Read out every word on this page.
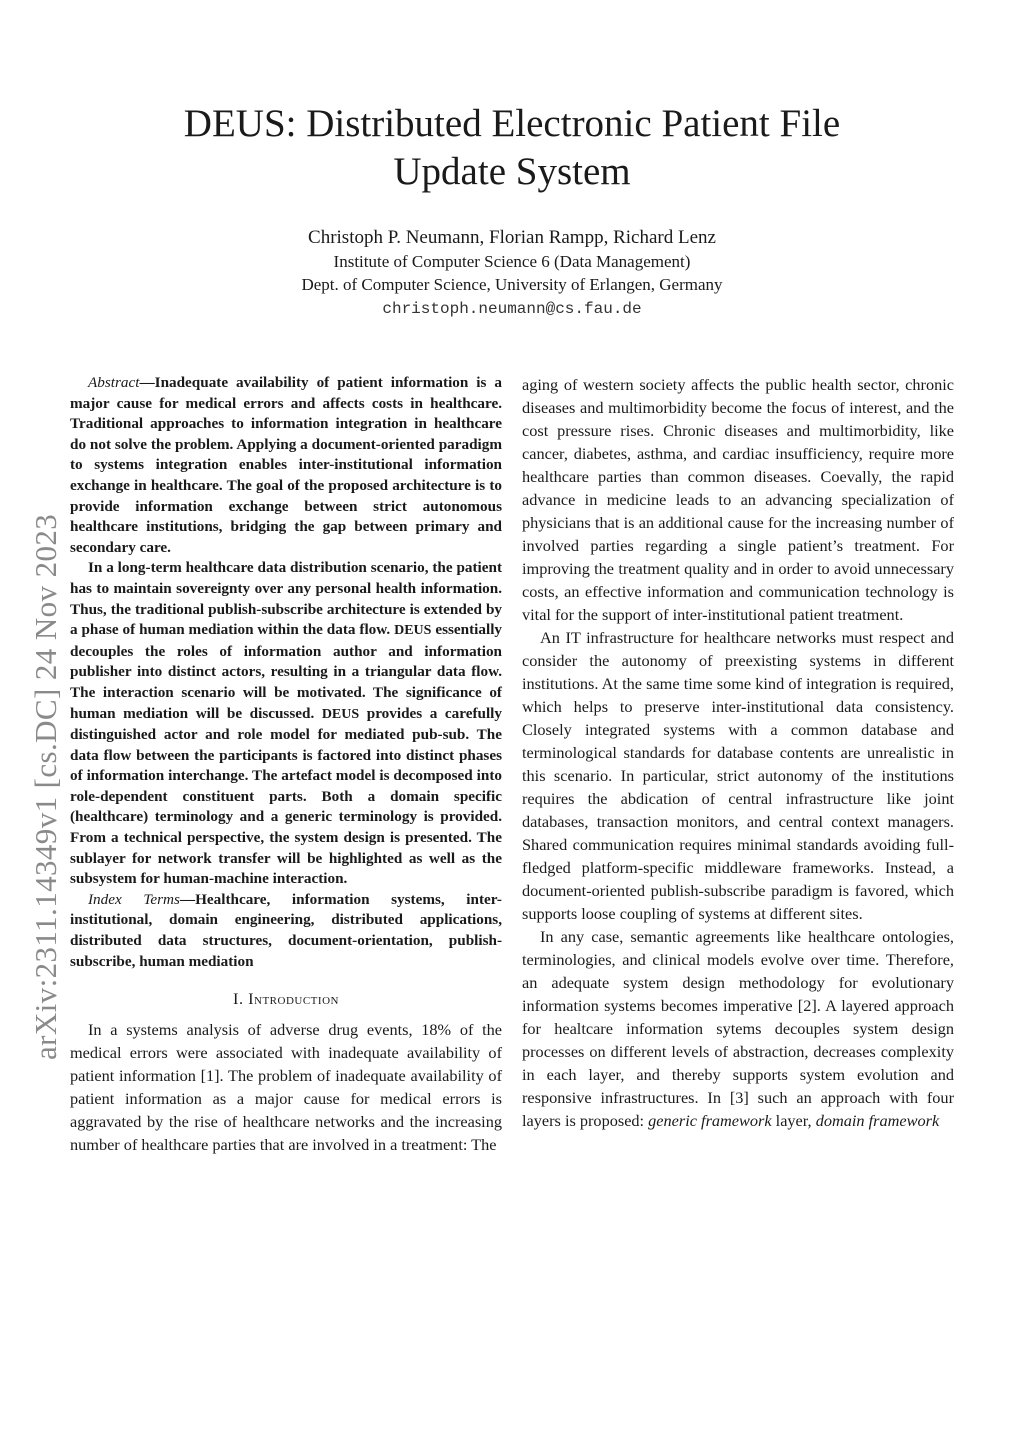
DEUS: Distributed Electronic Patient File
Update System
Christoph P. Neumann, Florian Rampp, Richard Lenz
Institute of Computer Science 6 (Data Management)
Dept. of Computer Science, University of Erlangen, Germany
christoph.neumann@cs.fau.de
arXiv:2311.14349v1 [cs.DC] 24 Nov 2023

Abstract—Inadequate availability of patient information is a major cause for medical errors and affects costs in healthcare. Traditional approaches to information integration in healthcare do not solve the problem. Applying a document-oriented paradigm to systems integration enables inter-institutional information exchange in healthcare. The goal of the proposed architecture is to provide information exchange between strict autonomous healthcare institutions, bridging the gap between primary and secondary care.

In a long-term healthcare data distribution scenario, the patient has to maintain sovereignty over any personal health information. Thus, the traditional publish-subscribe architecture is extended by a phase of human mediation within the data flow. DEUS essentially decouples the roles of information author and information publisher into distinct actors, resulting in a triangular data flow. The interaction scenario will be motivated. The significance of human mediation will be discussed. DEUS provides a carefully distinguished actor and role model for mediated pub-sub. The data flow between the participants is factored into distinct phases of information interchange. The artefact model is decomposed into role-dependent constituent parts. Both a domain specific (healthcare) terminology and a generic terminology is provided. From a technical perspective, the system design is presented. The sublayer for network transfer will be highlighted as well as the subsystem for human-machine interaction.

Index Terms—Healthcare, information systems, inter-institutional, domain engineering, distributed applications, distributed data structures, document-orientation, publish-subscribe, human mediation

I. Introduction

In a systems analysis of adverse drug events, 18% of the medical errors were associated with inadequate availability of patient information [1]. The problem of inadequate availability of patient information as a major cause for medical errors is aggravated by the rise of healthcare networks and the increasing number of healthcare parties that are involved in a treatment: The

aging of western society affects the public health sector, chronic diseases and multimorbidity become the focus of interest, and the cost pressure rises. Chronic diseases and multimorbidity, like cancer, diabetes, asthma, and cardiac insufficiency, require more healthcare parties than common diseases. Coevally, the rapid advance in medicine leads to an advancing specialization of physicians that is an additional cause for the increasing number of involved parties regarding a single patient’s treatment. For improving the treatment quality and in order to avoid unnecessary costs, an effective information and communication technology is vital for the support of inter-institutional patient treatment.

An IT infrastructure for healthcare networks must respect and consider the autonomy of preexisting systems in different institutions. At the same time some kind of integration is required, which helps to preserve inter-institutional data consistency. Closely integrated systems with a common database and terminological standards for database contents are unrealistic in this scenario. In particular, strict autonomy of the institutions requires the abdication of central infrastructure like joint databases, transaction monitors, and central context managers. Shared communication requires minimal standards avoiding full-fledged platform-specific middleware frameworks. Instead, a document-oriented publish-subscribe paradigm is favored, which supports loose coupling of systems at different sites.

In any case, semantic agreements like healthcare ontologies, terminologies, and clinical models evolve over time. Therefore, an adequate system design methodology for evolutionary information systems becomes imperative [2]. A layered approach for healtcare information sytems decouples system design processes on different levels of abstraction, decreases complexity in each layer, and thereby supports system evolution and responsive infrastructures. In [3] such an approach with four layers is proposed: generic framework layer, domain framework
